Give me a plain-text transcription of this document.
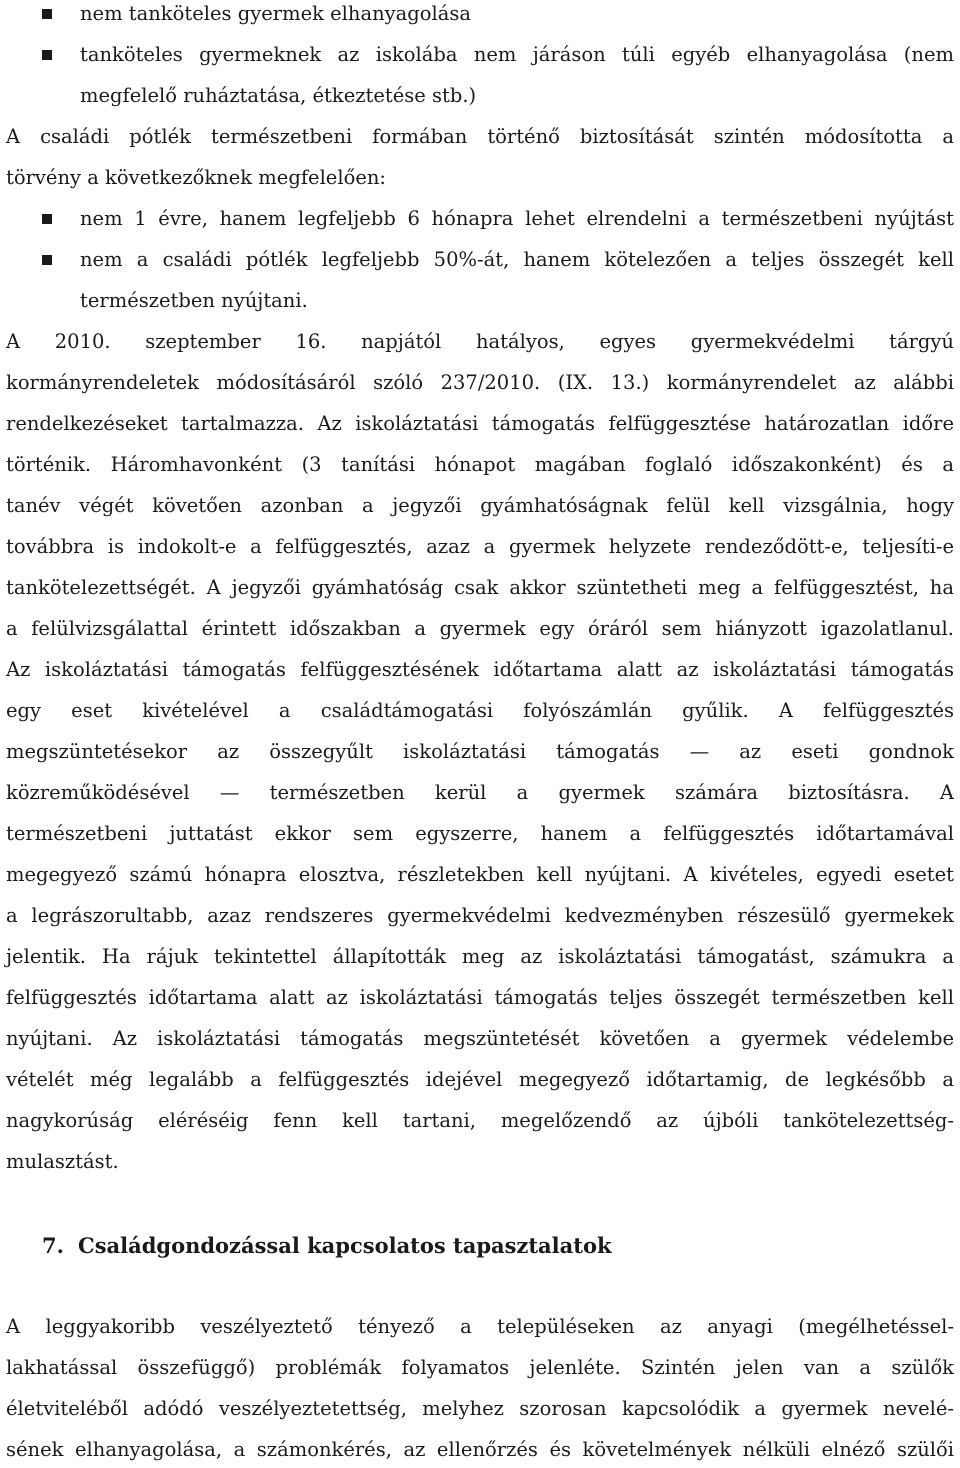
nem tanköteles gyermek elhanyagolása
tanköteles gyermeknek az iskolába nem járáson túli egyéb elhanyagolása (nem
megfelelő ruháztatása, étkeztetése stb.)
A családi pótlék természetbeni formában történő biztosítását szintén módosította a
törvény a következőknek megfelelően:
nem 1 évre, hanem legfeljebb 6 hónapra lehet elrendelni a természetbeni nyújtást
nem a családi pótlék legfeljebb 50%-át, hanem kötelezően a teljes összegét kell
természetben nyújtani.
A 2010. szeptember 16. napjától hatályos, egyes gyermekvédelmi tárgyú
kormányrendeletek módosításáról szóló 237/2010. (IX. 13.) kormányrendelet az alábbi
rendelkezéseket tartalmazza. Az iskoláztatási támogatás felfüggesztése határozatlan időre
történik. Háromhavonként (3 tanítási hónapot magában foglaló időszakonként) és a
tanév végét követően azonban a jegyzői gyámhatóságnak felül kell vizsgálnia, hogy
továbbra is indokolt-e a felfüggesztés, azaz a gyermek helyzete rendeződött-e, teljesíti-e
tankötelezettségét. A jegyzői gyámhatóság csak akkor szüntetheti meg a felfüggesztést, ha
a felülvizsgálattal érintett időszakban a gyermek egy óráról sem hiányzott igazolatlanul.
Az iskoláztatási támogatás felfüggesztésének időtartama alatt az iskoláztatási támogatás
egy eset kivételével a családtámogatási folyószámlán gyűlik. A felfüggesztés
megszüntetésekor az összegyűlt iskoláztatási támogatás — az eseti gondnok
közreműködésével — természetben kerül a gyermek számára biztosításra. A
természetbeni juttatást ekkor sem egyszerre, hanem a felfüggesztés időtartamával
megegyező számú hónapra elosztva, részletekben kell nyújtani. A kivételes, egyedi esetet
a legrászorultabb, azaz rendszeres gyermekvédelmi kedvezményben részesülő gyermekek
jelentik. Ha rájuk tekintettel állapították meg az iskoláztatási támogatást, számukra a
felfüggesztés időtartama alatt az iskoláztatási támogatás teljes összegét természetben kell
nyújtani. Az iskoláztatási támogatás megszüntetését követően a gyermek védelembe
vételét még legalább a felfüggesztés idejével megegyező időtartamig, de legkésőbb a
nagykorúság eléréséig fenn kell tartani, megelőzendő az újbóli tankötelezettség-
mulasztást.
7. Családgondozással kapcsolatos tapasztalatok
A leggyakoribb veszélyeztető tényező a településeken az anyagi (megélhetéssel-
lakhatással összefüggő) problémák folyamatos jelenléte. Szintén jelen van a szülők
életviteléből adódó veszélyeztetettség, melyhez szorosan kapcsolódik a gyermek nevelé-
sének elhanyagolása, a számonkérés, az ellenőrzés és követelmények nélküli elnéző szülői
